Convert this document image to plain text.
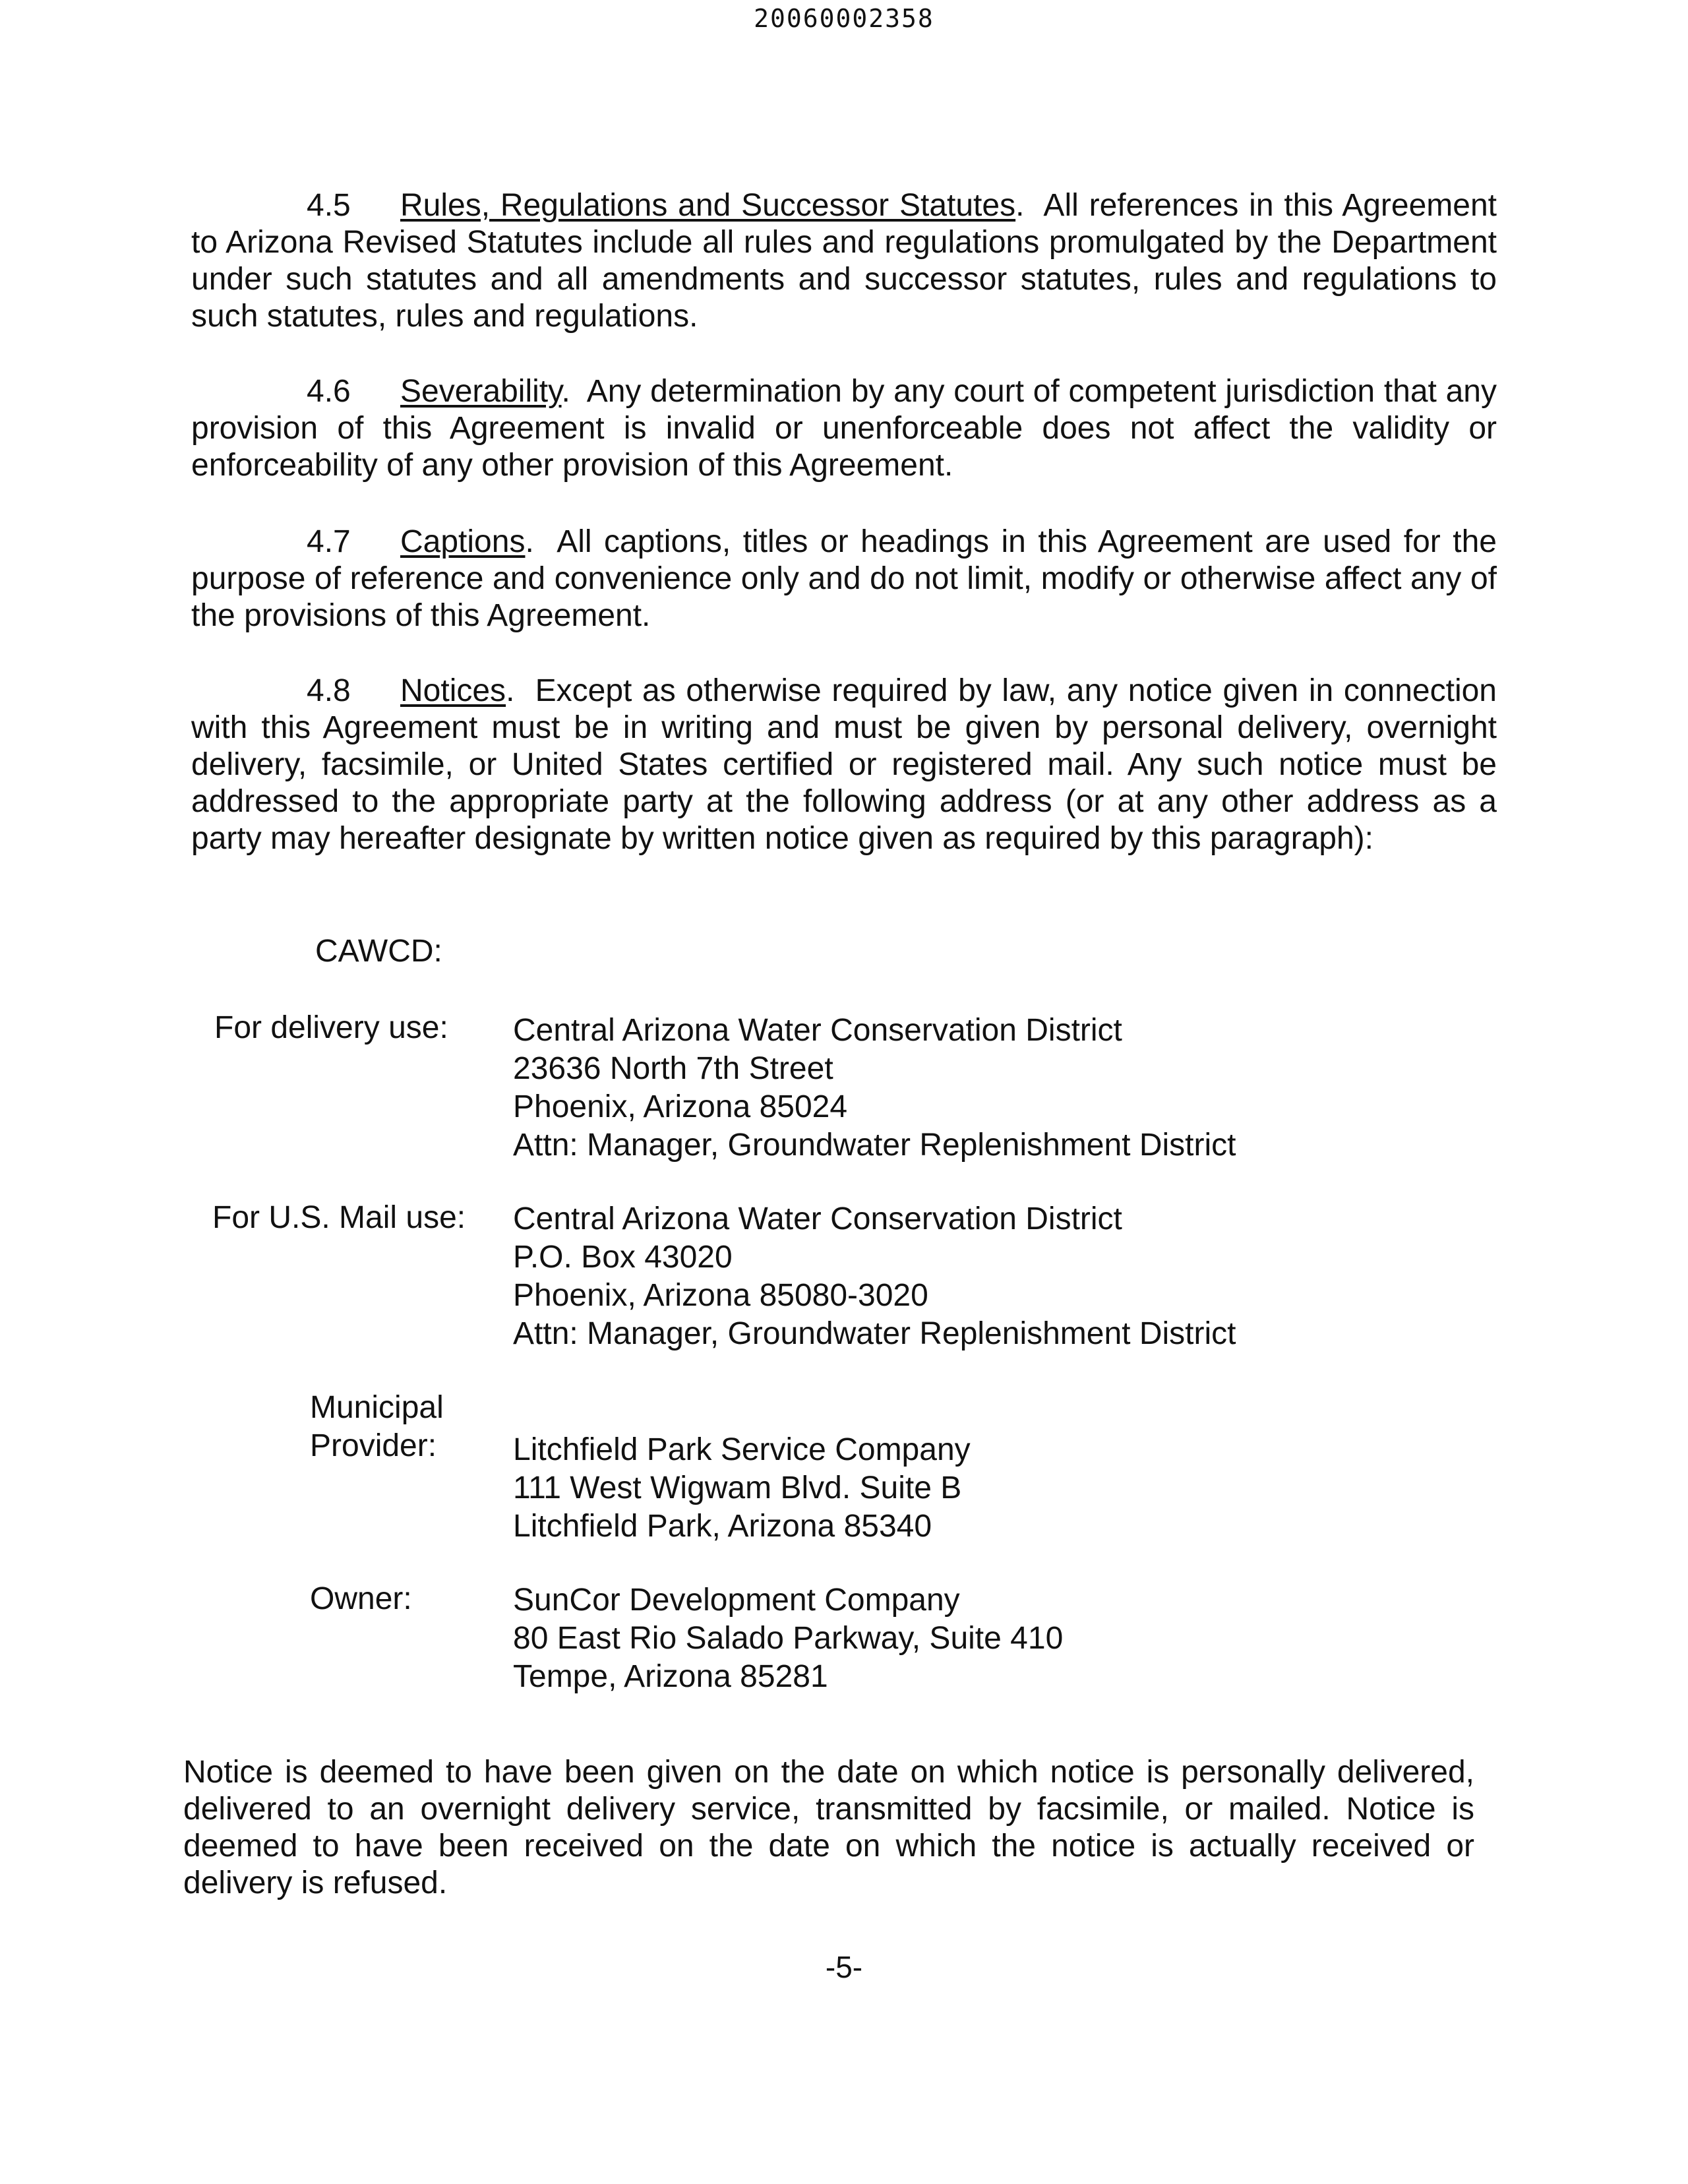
20060002358
4.5 Rules, Regulations and Successor Statutes.  All references in this Agreement to Arizona Revised Statutes include all rules and regulations promulgated by the Department under such statutes and all amendments and successor statutes, rules and regulations to such statutes, rules and regulations.
4.6 Severability.  Any determination by any court of competent jurisdiction that any provision of this Agreement is invalid or unenforceable does not affect the validity or enforceability of any other provision of this Agreement.
4.7 Captions.  All captions, titles or headings in this Agreement are used for the purpose of reference and convenience only and do not limit, modify or otherwise affect any of the provisions of this Agreement.
4.8 Notices.  Except as otherwise required by law, any notice given in connection with this Agreement must be in writing and must be given by personal delivery, overnight delivery, facsimile, or United States certified or registered mail. Any such notice must be addressed to the appropriate party at the following address (or at any other address as a party may hereafter designate by written notice given as required by this paragraph):
CAWCD:
For delivery use: Central Arizona Water Conservation District
23636 North 7th Street
Phoenix, Arizona 85024
Attn: Manager, Groundwater Replenishment District
For U.S. Mail use: Central Arizona Water Conservation District
P.O. Box 43020
Phoenix, Arizona 85080-3020
Attn: Manager, Groundwater Replenishment District
Municipal
Provider: Litchfield Park Service Company
111 West Wigwam Blvd. Suite B
Litchfield Park, Arizona 85340
Owner:	SunCor Development Company
80 East Rio Salado Parkway, Suite 410
Tempe, Arizona 85281
Notice is deemed to have been given on the date on which notice is personally delivered, delivered to an overnight delivery service, transmitted by facsimile, or mailed. Notice is deemed to have been received on the date on which the notice is actually received or delivery is refused.
-5-
